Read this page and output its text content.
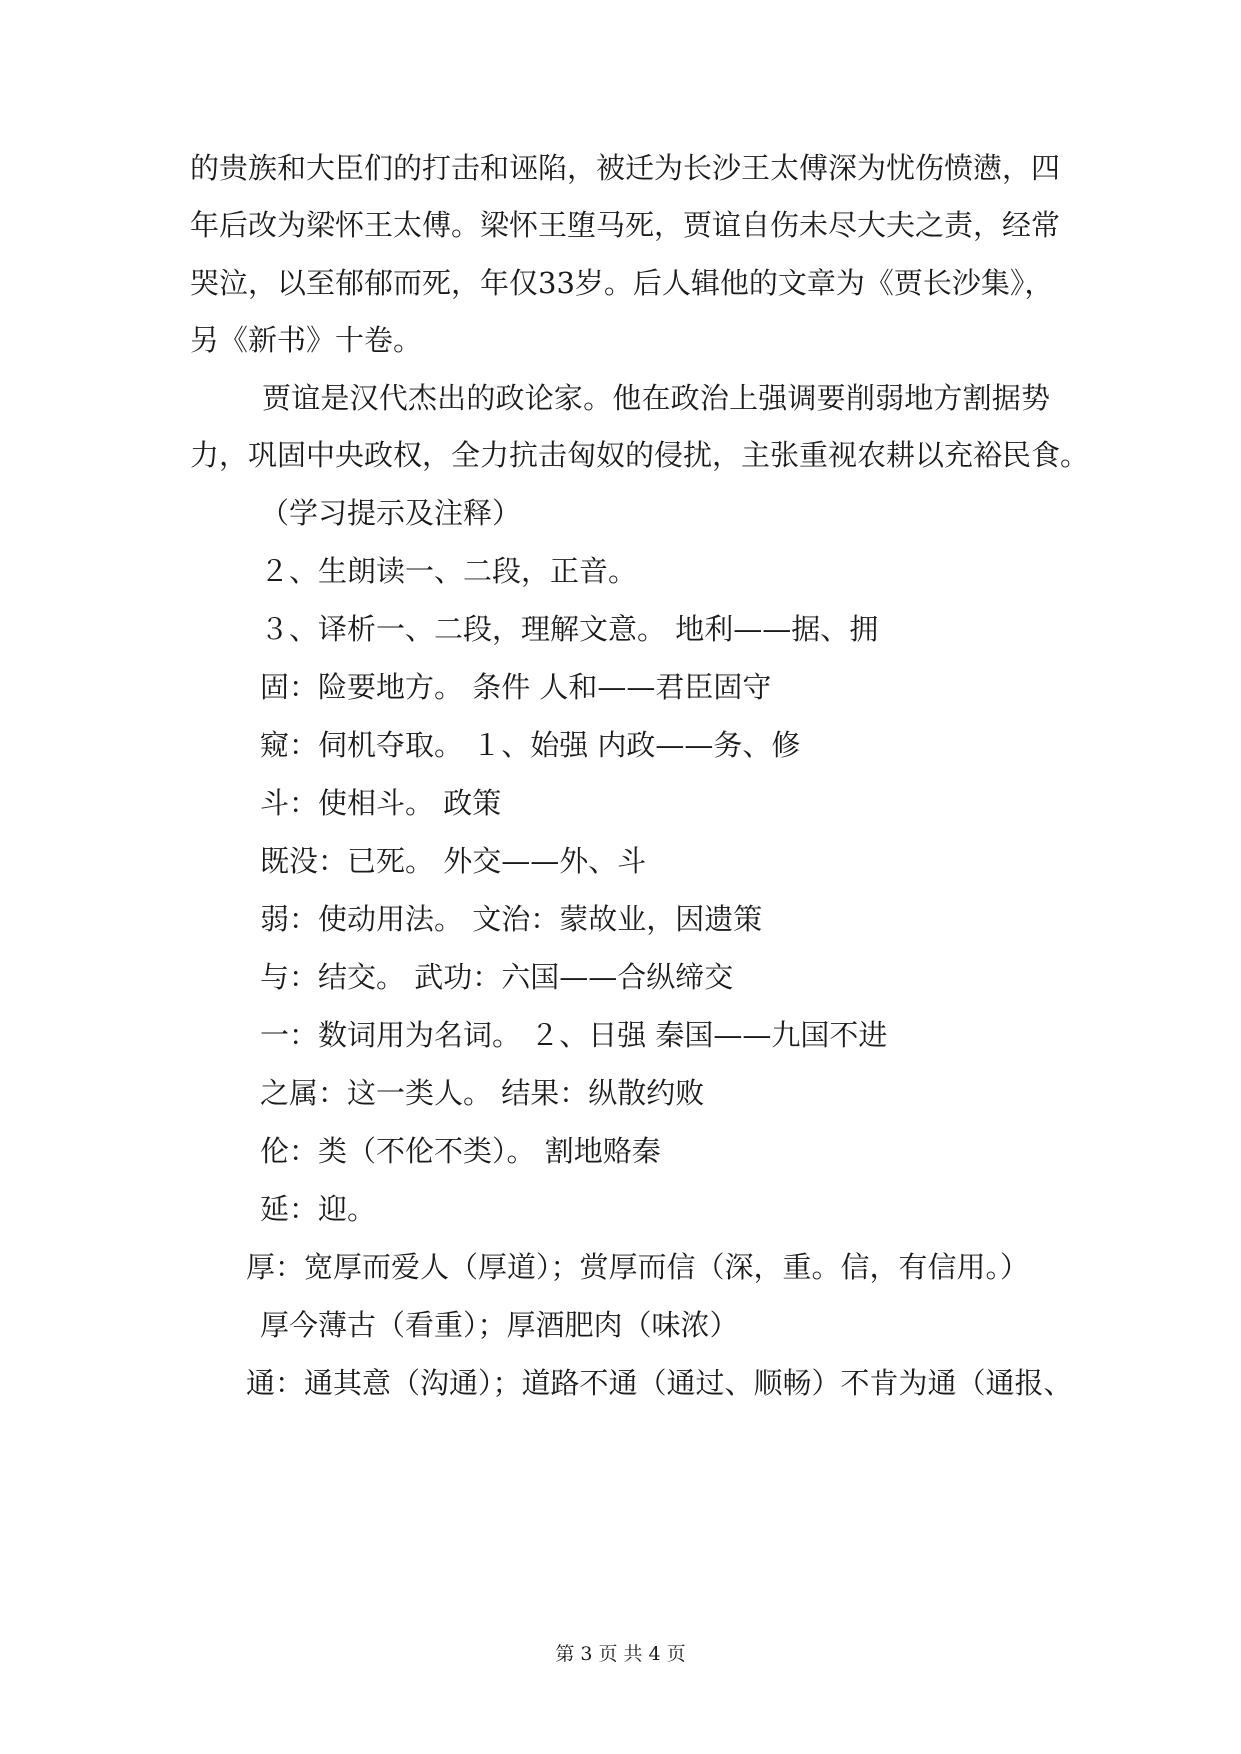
的贵族和大臣们的打击和诬陷，被迁为长沙王太傅深为忧伤愤懑，四
年后改为梁怀王太傅。梁怀王堕马死，贾谊自伤未尽大夫之责，经常
哭泣，以至郁郁而死，年仅33岁。后人辑他的文章为《贾长沙集》，
另《新书》十卷。
贾谊是汉代杰出的政论家。他在政治上强调要削弱地方割据势
力，巩固中央政权，全力抗击匈奴的侵扰，主张重视农耕以充裕民食。
（学习提示及注释）
２、生朗读一、二段，正音。
３、译析一、二段，理解文意。 地利——据、拥
固：险要地方。 条件 人和——君臣固守
窥：伺机夺取。 １、始强 内政——务、修
斗：使相斗。 政策
既没：已死。 外交——外、斗
弱：使动用法。 文治：蒙故业，因遗策
与：结交。 武功：六国——合纵缔交
一：数词用为名词。 ２、日强 秦国——九国不进
之属：这一类人。 结果：纵散约败
伦：类（不伦不类）。 割地赂秦
延：迎。
厚：宽厚而爱人（厚道）；赏厚而信（深，重。信，有信用。）
厚今薄古（看重）；厚酒肥肉（味浓）
通：通其意（沟通）；道路不通（通过、顺畅）不肯为通（通报、
第 3 页 共 4 页
